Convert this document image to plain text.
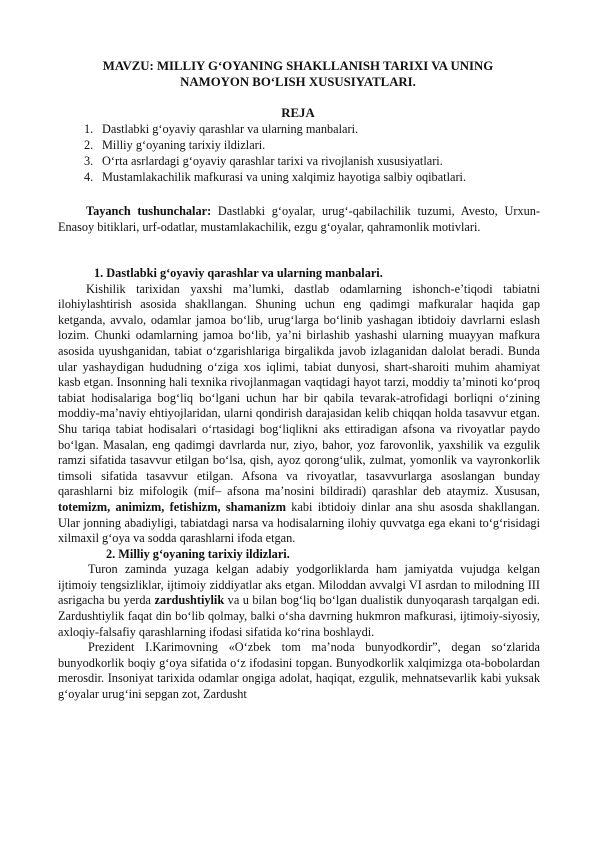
MAVZU: MILLIY G‘OYANING SHAKLLANISH TARIXI VA UNING NAMOYON BO‘LISH XUSUSIYATLARI.
REJA
1. Dastlabki g‘oyaviy qarashlar va ularning manbalari.
2. Milliy g‘oyaning tarixiy ildizlari.
3. O‘rta asrlardagi g‘oyaviy qarashlar tarixi va rivojlanish xususiyatlari.
4. Mustamlakachilik mafkurasi va uning xalqimiz hayotiga salbiy oqibatlari.

Tayanch tushunchalar: Dastlabki g‘oyalar, urug‘-qabilachilik tuzumi, Avesto, Urxun-Enasoy bitiklari, urf-odatlar, mustamlakachilik, ezgu g‘oyalar, qahramonlik motivlari.

1. Dastlabki g‘oyaviy qarashlar va ularning manbalari.

Kishilik tarixidan yaxshi ma’lumki, dastlab odamlarning ishonch-e’tiqodi tabiatni ilohiylashtirish asosida shakllangan. Shuning uchun eng qadimgi mafkuralar haqida gap ketganda, avvalo, odamlar jamoa bo‘lib, urug‘larga bo‘linib yashagan ibtidoiy davrlarni eslash lozim. Chunki odamlarning jamoa bo‘lib, ya’ni birlashib yashashi ularning muayyan mafkura asosida uyushganidan, tabiat o‘zgarishlariga birgalikda javob izlaganidan dalolat beradi. Bunda ular yashaydigan hududning o‘ziga xos iqlimi, tabiat dunyosi, shart-sharoiti muhim ahamiyat kasb etgan. Insonning hali texnika rivojlanmagan vaqtidagi hayot tarzi, moddiy ta’minoti ko‘proq tabiat hodisalariga bog‘liq bo‘lgani uchun har bir qabila tevarak-atrofidagi borliqni o‘zining moddiy-ma’naviy ehtiyojlaridan, ularni qondirish darajasidan kelib chiqqan holda tasavvur etgan. Shu tariqa tabiat hodisalari o‘rtasidagi bog‘liqlikni aks ettiradigan afsona va rivoyatlar paydo bo‘lgan. Masalan, eng qadimgi davrlarda nur, ziyo, bahor, yoz farovonlik, yaxshilik va ezgulik ramzi sifatida tasavvur etilgan bo‘lsa, qish, ayoz qorong‘ulik, zulmat, yomonlik va vayronkorlik timsoli sifatida tasavvur etilgan. Afsona va rivoyatlar, tasavvurlarga asoslangan bunday qarashlarni biz mifologik (mif– afsona ma’nosini bildiradi) qarashlar deb ataymiz. Xususan, totemizm, animizm, fetishizm, shamanizm kabi ibtidoiy dinlar ana shu asosda shakllangan. Ular jonning abadiyligi, tabiatdagi narsa va hodisalarning ilohiy quvvatga ega ekani to‘g‘risidagi xilmaxil g‘oya va sodda qarashlarni ifoda etgan.

2. Milliy g‘oyaning tarixiy ildizlari.

Turon zaminda yuzaga kelgan adabiy yodgorliklarda ham jamiyatda vujudga kelgan ijtimoiy tengsizliklar, ijtimoiy ziddiyatlar aks etgan. Miloddan avvalgi VI asrdan to milodning III asrigacha bu yerda zardushtiylik va u bilan bog‘liq bo‘lgan dualistik dunyoqarash tarqalgan edi. Zardushtiylik faqat din bo‘lib qolmay, balki o‘sha davrning hukmron mafkurasi, ijtimoiy-siyosiy, axloqiy-falsafiy qarashlarning ifodasi sifatida ko‘rina boshlaydi.

Prezident I.Karimovning «O‘zbek tom ma’noda bunyodkordir”, degan so‘zlarida bunyodkorlik boqiy g‘oya sifatida o‘z ifodasini topgan. Bunyodkorlik xalqimizga ota-bobolardan merosdir. Insoniyat tarixida odamlar ongiga adolat, haqiqat, ezgulik, mehnatsevarlik kabi yuksak g‘oyalar urug‘ini sepgan zot, Zardusht
